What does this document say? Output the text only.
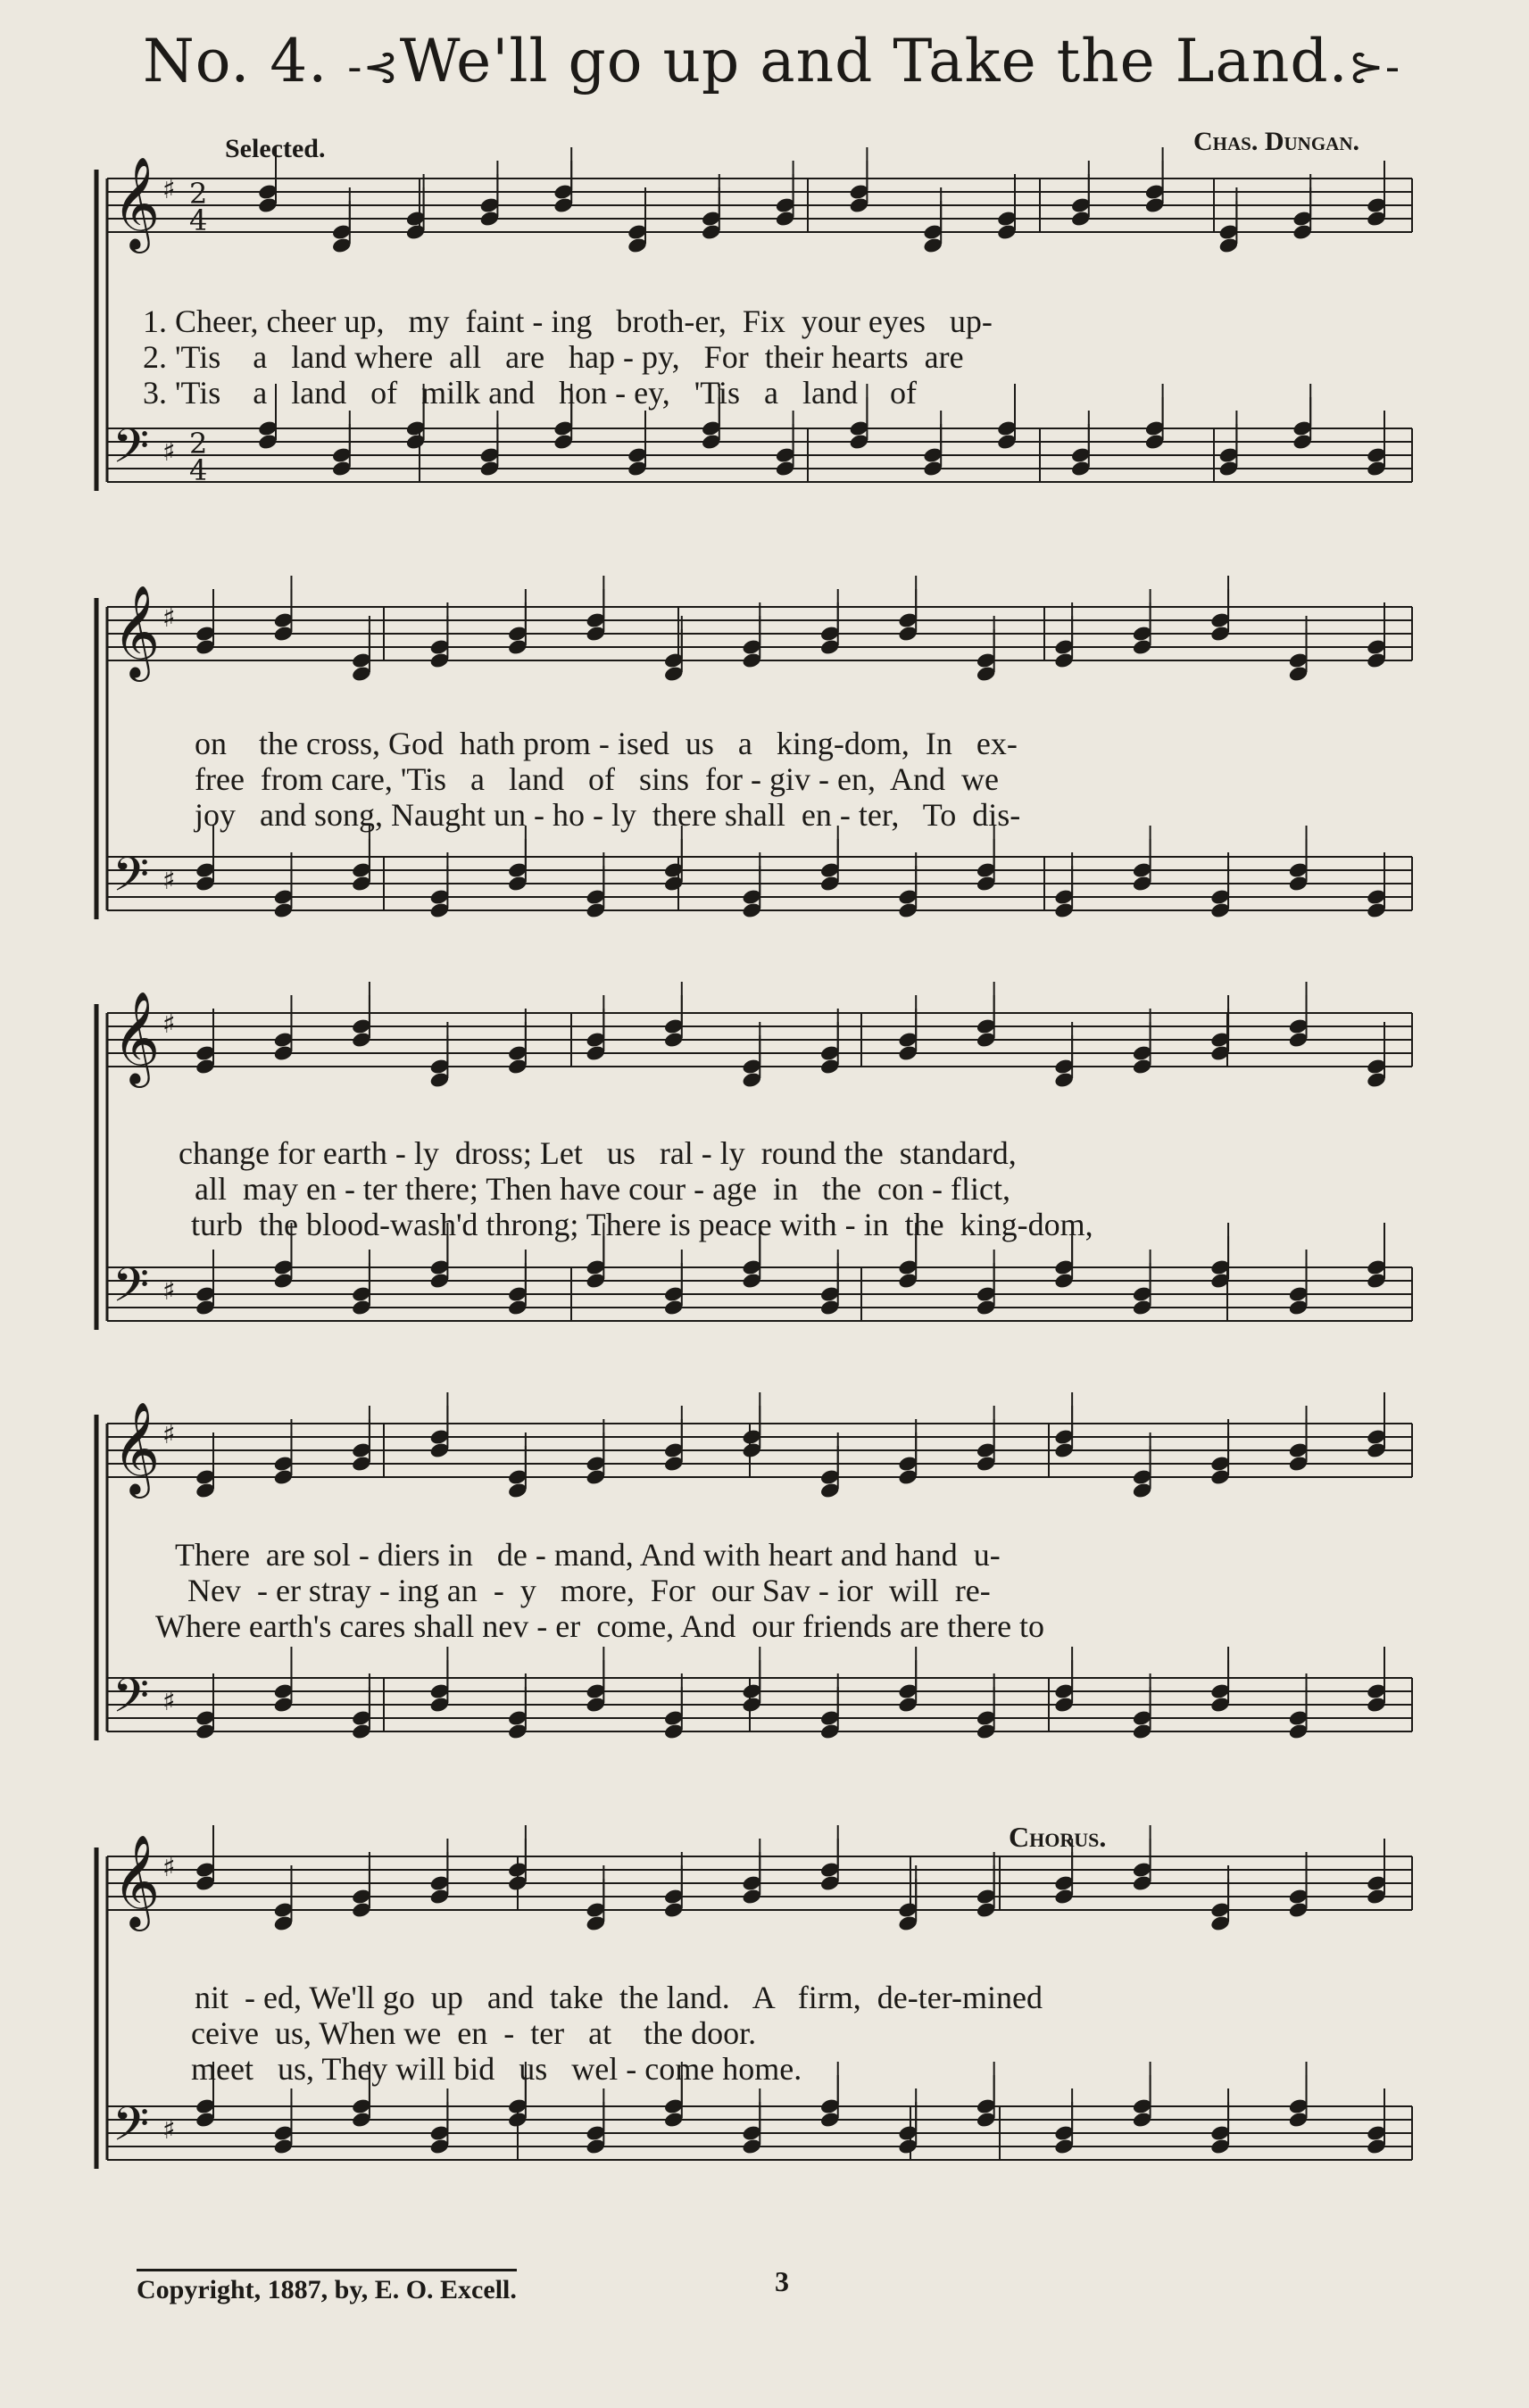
No. 4. -⊰We'll go up and Take the Land.⊱-
Selected.	Chas. Dungan.
𝄞
𝄢
♯
♯
2
4
2
4
𝄞
𝄢
♯
♯
𝄞
𝄢
♯
♯
𝄞
𝄢
♯
♯
𝄞
𝄢
♯
♯
1. Cheer, cheer up,   my  faint - ing   broth-er,  Fix  your eyes   up-
2. 'Tis    a   land where  all   are   hap - py,   For  their hearts  are
3. 'Tis    a   land   of   milk and   hon - ey,   'Tis   a   land    of
on    the cross, God  hath prom - ised  us   a   king-dom,  In   ex-
free  from care, 'Tis   a   land   of   sins  for - giv - en,  And  we
joy   and song, Naught un - ho - ly  there shall  en - ter,   To  dis-
change for earth - ly  dross; Let   us   ral - ly  round the  standard,
all  may en - ter there; Then have cour - age  in   the  con - flict,
turb  the blood-wash'd throng; There is peace with - in  the  king-dom,
There  are sol - diers in   de - mand, And with heart and hand  u-
Nev  - er stray - ing an  -  y   more,  For  our Sav - ior  will  re-
Where earth's cares shall nev - er  come, And  our friends are there to
nit  - ed, We'll go  up   and  take  the land.   A   firm,  de-ter-mined
ceive  us, When we  en  -  ter   at    the door.
meet   us, They will bid   us   wel - come home.
Chorus.
Copyright, 1887, by, E. O. Excell.	3
